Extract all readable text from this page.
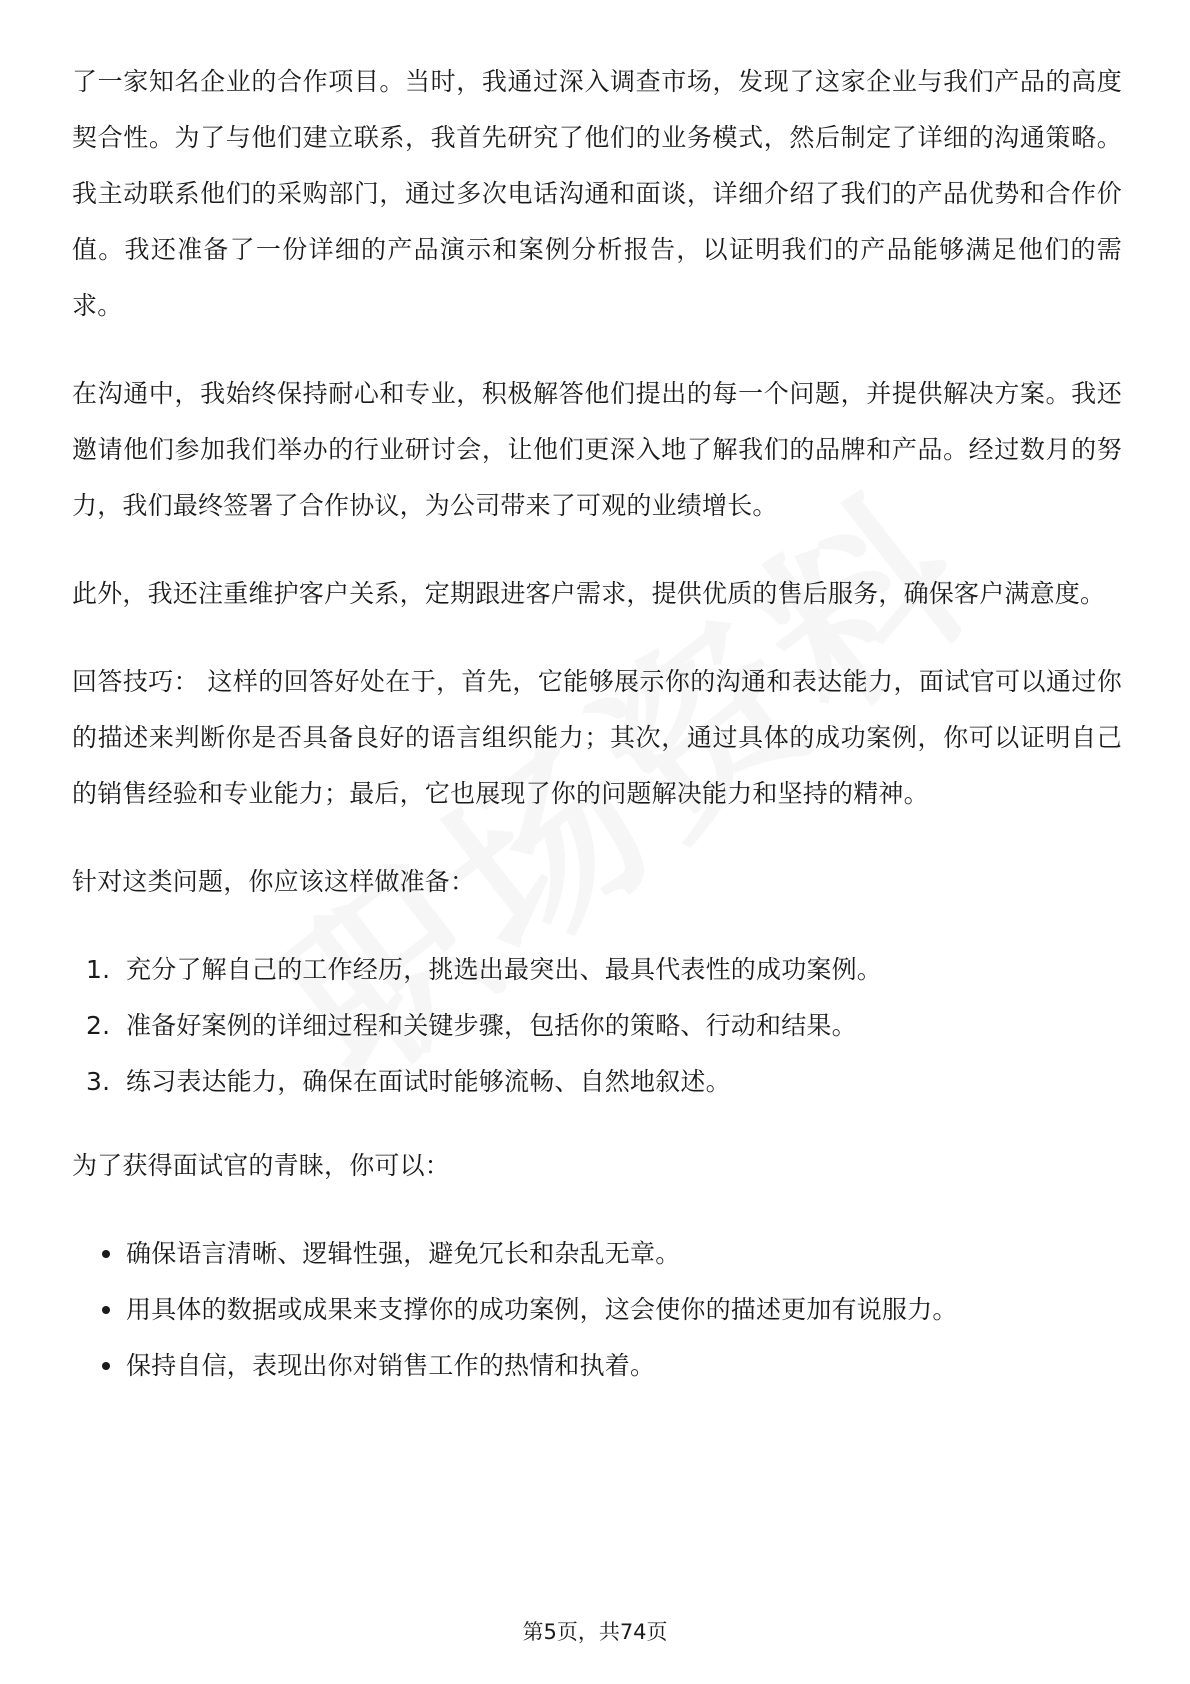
了一家知名企业的合作项目。当时，我通过深入调查市场，发现了这家企业与我们产品的高度契合性。为了与他们建立联系，我首先研究了他们的业务模式，然后制定了详细的沟通策略。我主动联系他们的采购部门，通过多次电话沟通和面谈，详细介绍了我们的产品优势和合作价值。我还准备了一份详细的产品演示和案例分析报告，以证明我们的产品能够满足他们的需求。

在沟通中，我始终保持耐心和专业，积极解答他们提出的每一个问题，并提供解决方案。我还邀请他们参加我们举办的行业研讨会，让他们更深入地了解我们的品牌和产品。经过数月的努力，我们最终签署了合作协议，为公司带来了可观的业绩增长。

此外，我还注重维护客户关系，定期跟进客户需求，提供优质的售后服务，确保客户满意度。

回答技巧： 这样的回答好处在于，首先，它能够展示你的沟通和表达能力，面试官可以通过你的描述来判断你是否具备良好的语言组织能力；其次，通过具体的成功案例，你可以证明自己的销售经验和专业能力；最后，它也展现了你的问题解决能力和坚持的精神。

针对这类问题，你应该这样做准备：

1. 充分了解自己的工作经历，挑选出最突出、最具代表性的成功案例。
2. 准备好案例的详细过程和关键步骤，包括你的策略、行动和结果。
3. 练习表达能力，确保在面试时能够流畅、自然地叙述。

为了获得面试官的青睐，你可以：

确保语言清晰、逻辑性强，避免冗长和杂乱无章。
用具体的数据或成果来支撑你的成功案例，这会使你的描述更加有说服力。
保持自信，表现出你对销售工作的热情和执着。
第5页，共74页
